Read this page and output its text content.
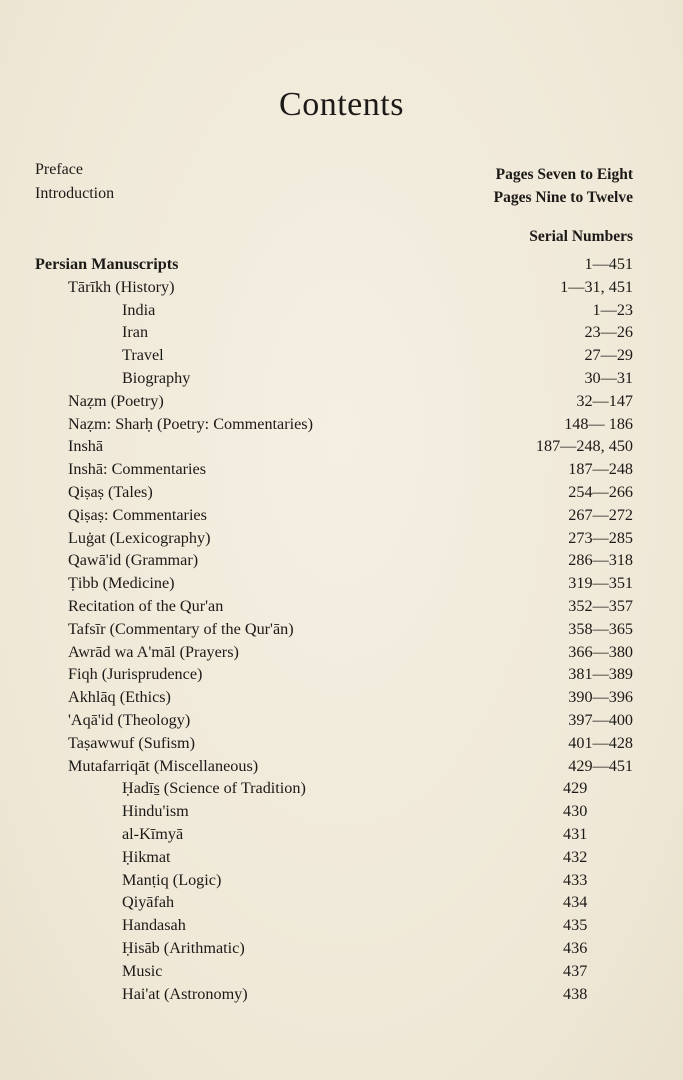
Contents
Preface	Pages Seven to Eight
Introduction	Pages Nine to Twelve
Serial Numbers
Persian Manuscripts	1—451
Tārīkh (History)	1—31, 451
India	1—23
Iran	23—26
Travel	27—29
Biography	30—31
Naẓm (Poetry)	32—147
Naẓm: Sharḥ (Poetry: Commentaries)	148— 186
Inshā	187—248, 450
Inshā: Commentaries	187—248
Qiṣaṣ (Tales)	254—266
Qiṣaṣ: Commentaries	267—272
Luġat (Lexicography)	273—285
Qawā'id (Grammar)	286—318
Ṭibb (Medicine)	319—351
Recitation of the Qur'an	352—357
Tafsīr (Commentary of the Qur'ān)	358—365
Awrād wa A'māl (Prayers)	366—380
Fiqh (Jurisprudence)	381—389
Akhlāq (Ethics)	390—396
'Aqā'id (Theology)	397—400
Taṣawwuf (Sufism)	401—428
Mutafarriqāt (Miscellaneous)	429—451
Ḥadīs̱ (Science of Tradition)	429
Hindu'ism	430
al-Kīmyā	431
Ḥikmat	432
Manṭiq (Logic)	433
Qiyāfah	434
Handasah	435
Ḥisāb (Arithmatic)	436
Music	437
Hai'at (Astronomy)	438
